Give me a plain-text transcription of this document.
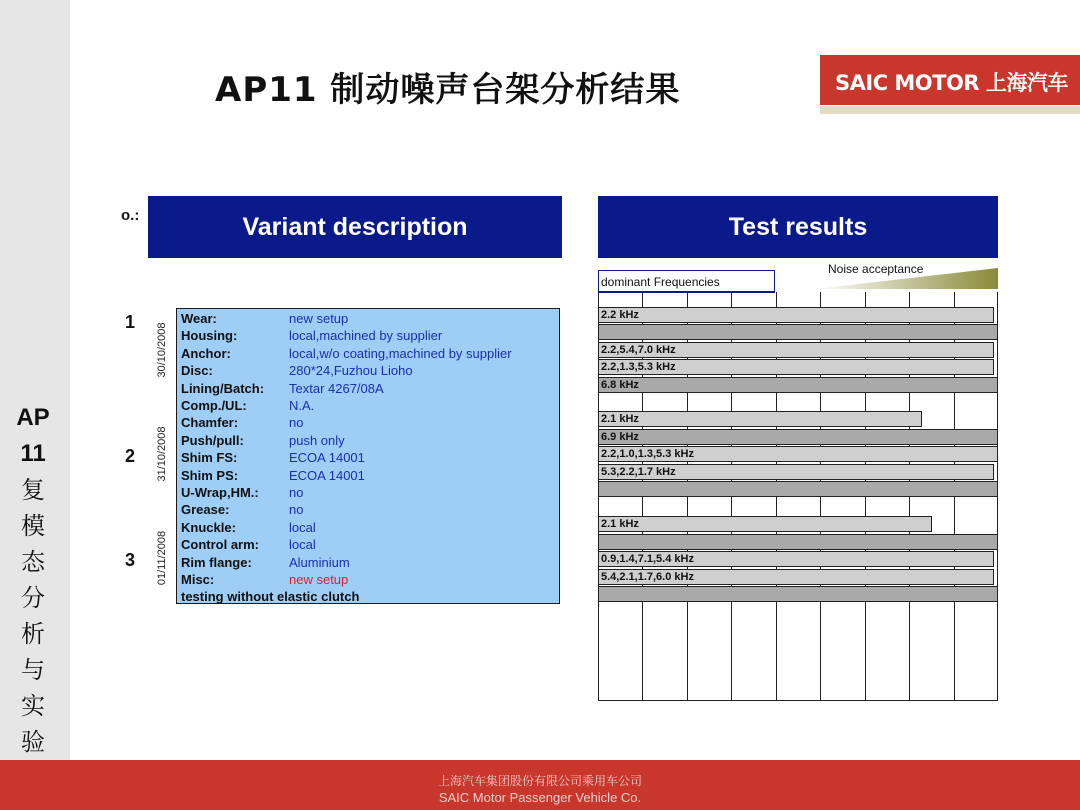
AP
11
复
模
态
分
析
与
实
验
AP11 制动噪声台架分析结果	SAIC MOTOR 上海汽车
o.:	Variant description	Test results
1
2
3
30/10/2008
31/10/2008
01/11/2008
testing without elastic clutch
Wear:	new setup
Housing:	local,machined by supplier
Anchor:	local,w/o coating,machined by supplier
Disc:	280*24,Fuzhou Lioho
Lining/Batch:	Textar 4267/08A
Comp./UL:	N.A.
Chamfer:	no
Push/pull:	push only
Shim FS:	ECOA 14001
Shim PS:	ECOA 14001
U-Wrap,HM.:	no
Grease:	no
Knuckle:	local
Control arm:	local
Rim flange:	Aluminium
Misc:	new setup
dominant Frequencies
Noise acceptance
2.2 kHz
2.2,5.4,7.0 kHz
2.2,1.3,5.3 kHz
6.8 kHz
2.1 kHz
6.9 kHz
2.2,1.0,1.3,5.3 kHz
5.3,2.2,1.7 kHz
2.1 kHz
0.9,1.4,7.1,5.4 kHz
5.4,2.1,1.7,6.0 kHz
上海汽车集团股份有限公司乘用车公司
SAIC Motor Passenger Vehicle Co.
